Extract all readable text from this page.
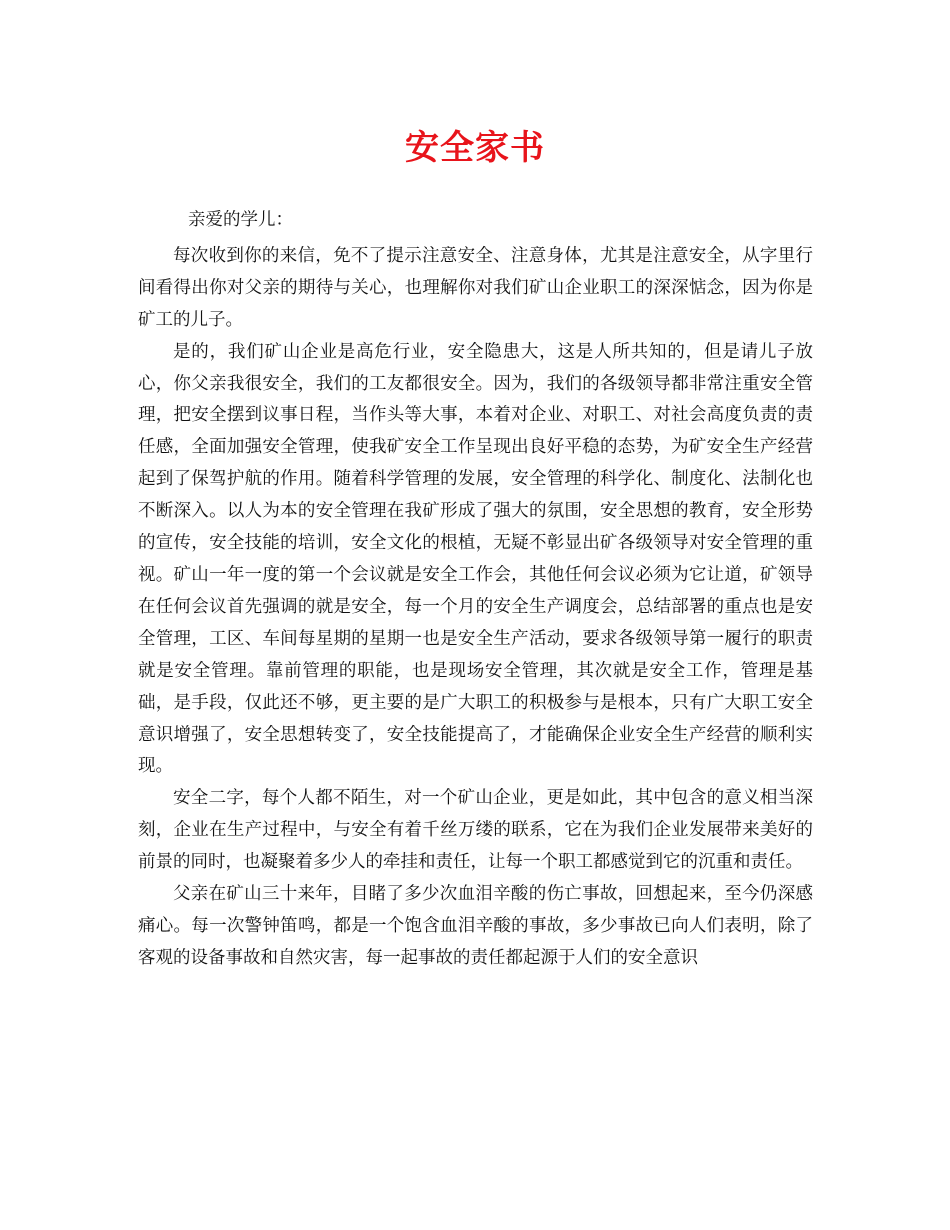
安全家书

亲爱的学儿：

每次收到你的来信，免不了提示注意安全、注意身体，尤其是注意安全，从字里行间看得出你对父亲的期待与关心，也理解你对我们矿山企业职工的深深惦念，因为你是矿工的儿子。

是的，我们矿山企业是高危行业，安全隐患大，这是人所共知的，但是请儿子放心，你父亲我很安全，我们的工友都很安全。因为，我们的各级领导都非常注重安全管理，把安全摆到议事日程，当作头等大事，本着对企业、对职工、对社会高度负责的责任感，全面加强安全管理，使我矿安全工作呈现出良好平稳的态势，为矿安全生产经营起到了保驾护航的作用。随着科学管理的发展，安全管理的科学化、制度化、法制化也不断深入。以人为本的安全管理在我矿形成了强大的氛围，安全思想的教育，安全形势的宣传，安全技能的培训，安全文化的根植，无疑不彰显出矿各级领导对安全管理的重视。矿山一年一度的第一个会议就是安全工作会，其他任何会议必须为它让道，矿领导在任何会议首先强调的就是安全，每一个月的安全生产调度会，总结部署的重点也是安全管理，工区、车间每星期的星期一也是安全生产活动，要求各级领导第一履行的职责就是安全管理。靠前管理的职能，也是现场安全管理，其次就是安全工作，管理是基础，是手段，仅此还不够，更主要的是广大职工的积极参与是根本，只有广大职工安全意识增强了，安全思想转变了，安全技能提高了，才能确保企业安全生产经营的顺利实现。

安全二字，每个人都不陌生，对一个矿山企业，更是如此，其中包含的意义相当深刻，企业在生产过程中，与安全有着千丝万缕的联系，它在为我们企业发展带来美好的前景的同时，也凝聚着多少人的牵挂和责任，让每一个职工都感觉到它的沉重和责任。

父亲在矿山三十来年，目睹了多少次血泪辛酸的伤亡事故，回想起来，至今仍深感痛心。每一次警钟笛鸣，都是一个饱含血泪辛酸的事故，多少事故已向人们表明，除了客观的设备事故和自然灾害，每一起事故的责任都起源于人们的安全意识
